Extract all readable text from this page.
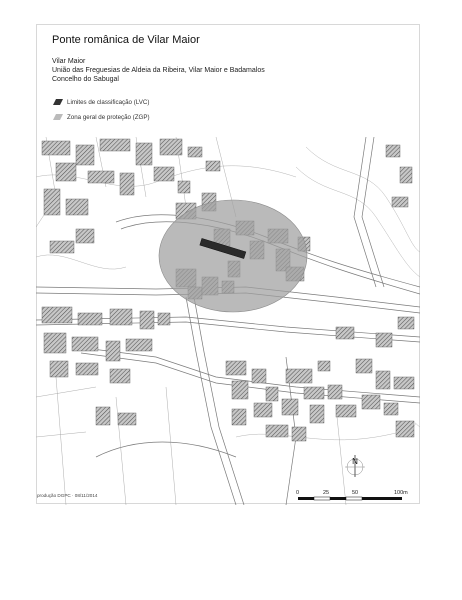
Ponte românica de Vilar Maior
Vilar Maior
União das Freguesias de Aldeia da Ribeira, Vilar Maior e Badamalos
Concelho do Sabugal
Limites de classificação (LVC)
Zona geral de proteção (ZGP)
N
0	25	50	100m
produção DGPC · 08/11/2014
